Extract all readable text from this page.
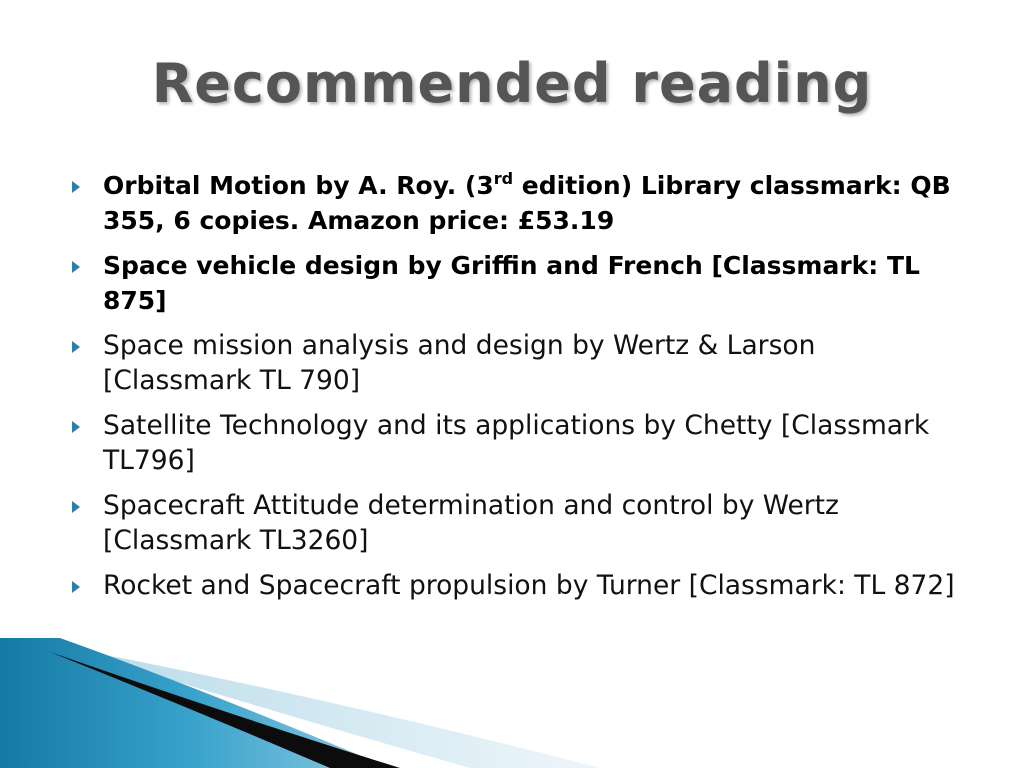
Recommended reading
Orbital Motion by A. Roy. (3rd edition) Library classmark: QB 355, 6 copies. Amazon price: £53.19
Space vehicle design by Griffin and French [Classmark: TL 875]
Space mission analysis and design by Wertz & Larson [Classmark TL 790]
Satellite Technology and its applications by Chetty [Classmark TL796]
Spacecraft Attitude determination and control by Wertz [Classmark TL3260]
Rocket and Spacecraft propulsion by Turner [Classmark: TL 872]
